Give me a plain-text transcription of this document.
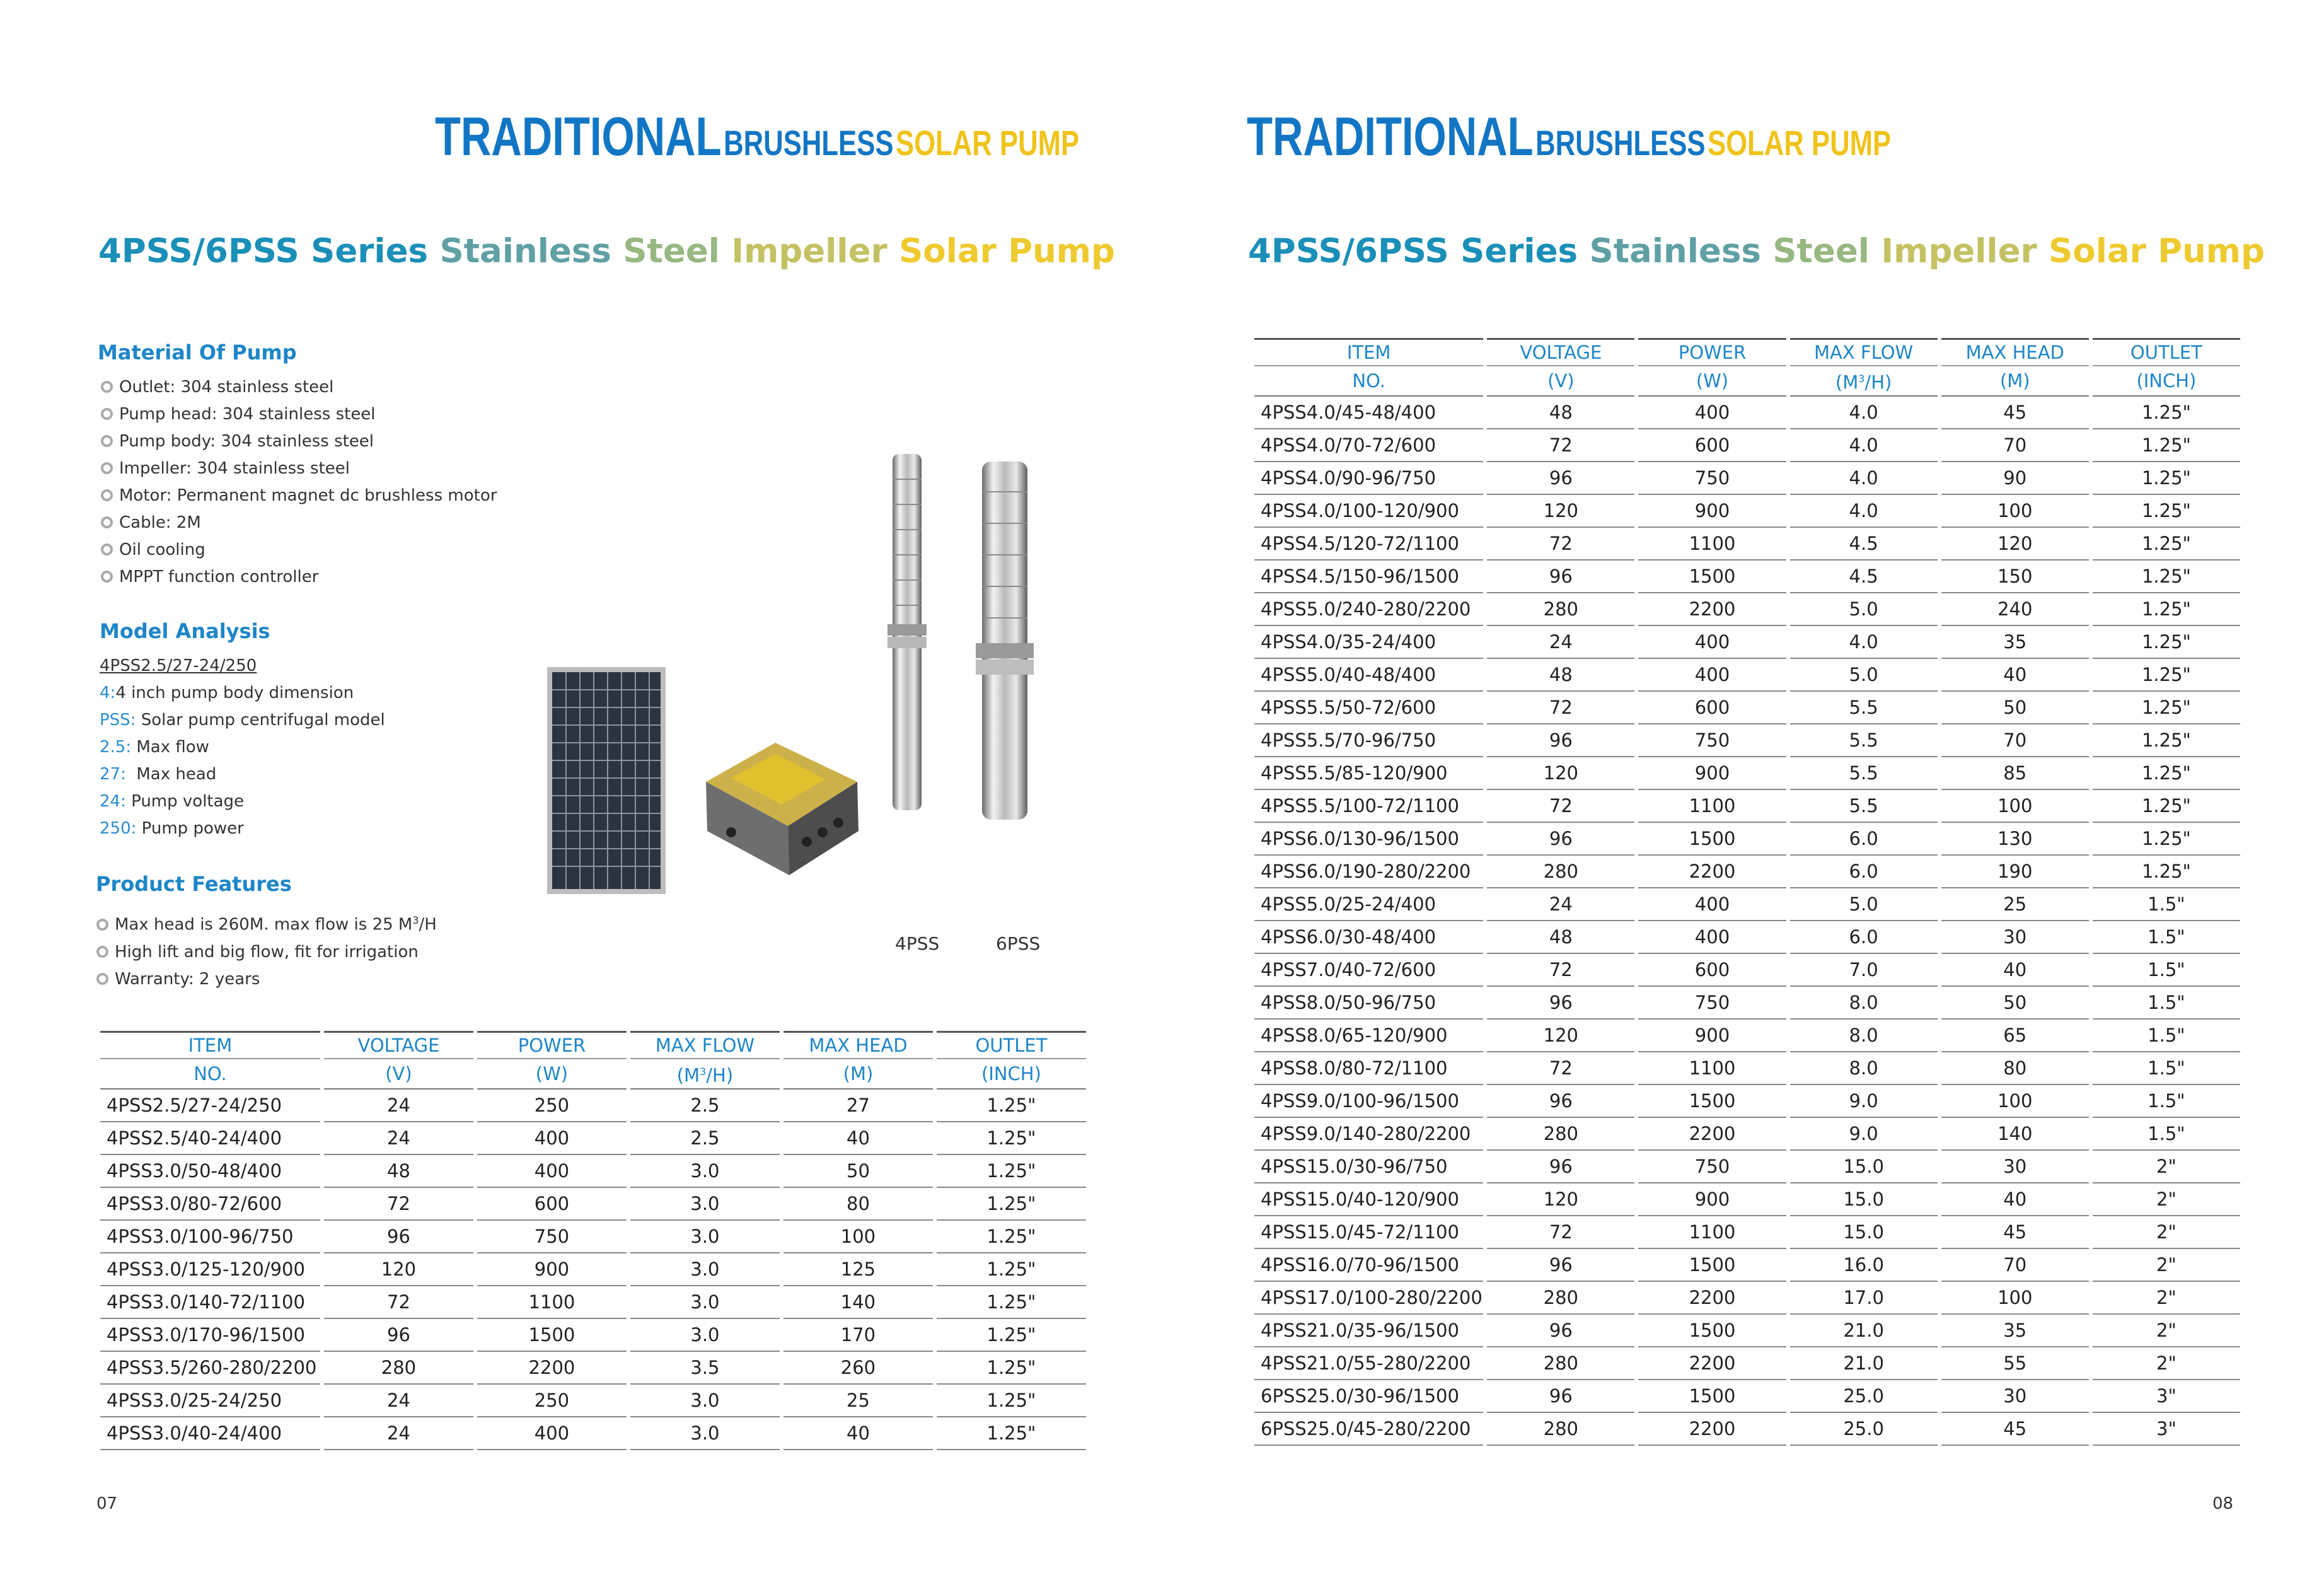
TRADITIONAL BRUSHLESS SOLAR PUMP
4PSS/6PSS Series Stainless Steel Impeller Solar Pump
Material Of Pump
Outlet: 304 stainless steel
Pump head: 304 stainless steel
Pump body: 304 stainless steel
Impeller: 304 stainless steel
Motor: Permanent magnet dc brushless motor
Cable: 2M
Oil cooling
MPPT function controller
Model Analysis
4PSS2.5/27-24/250
4:4 inch pump body dimension
PSS: Solar pump centrifugal model
2.5: Max flow
27:  Max head
24: Pump voltage
250: Pump power
Product Features
Max head is 260M. max flow is 25 $M^3/H$
High lift and big flow, fit for irrigation
Warranty: 2 years
4PSS	6PSS
ITEM	VOLTAGE	POWER	MAX FLOW	MAX HEAD	OUTLET
NO.	(V)	(W)	$(M^3/H)$	(M)	(INCH)
4PSS2.5/27-24/250	24	250	2.5	27	1.25"
4PSS2.5/40-24/400	24	400	2.5	40	1.25"
4PSS3.0/50-48/400	48	400	3.0	50	1.25"
4PSS3.0/80-72/600	72	600	3.0	80	1.25"
4PSS3.0/100-96/750	96	750	3.0	100	1.25"
4PSS3.0/125-120/900	120	900	3.0	125	1.25"
4PSS3.0/140-72/1100	72	1100	3.0	140	1.25"
4PSS3.0/170-96/1500	96	1500	3.0	170	1.25"
4PSS3.5/260-280/2200	280	2200	3.5	260	1.25"
4PSS3.0/25-24/250	24	250	3.0	25	1.25"
4PSS3.0/40-24/400	24	400	3.0	40	1.25"
07
TRADITIONAL BRUSHLESS SOLAR PUMP
4PSS/6PSS Series Stainless Steel Impeller Solar Pump
ITEM	VOLTAGE	POWER	MAX FLOW	MAX HEAD	OUTLET
NO.	(V)	(W)	$(M^3/H)$	(M)	(INCH)
4PSS4.0/45-48/400	48	400	4.0	45	1.25"
4PSS4.0/70-72/600	72	600	4.0	70	1.25"
4PSS4.0/90-96/750	96	750	4.0	90	1.25"
4PSS4.0/100-120/900	120	900	4.0	100	1.25"
4PSS4.5/120-72/1100	72	1100	4.5	120	1.25"
4PSS4.5/150-96/1500	96	1500	4.5	150	1.25"
4PSS5.0/240-280/2200	280	2200	5.0	240	1.25"
4PSS4.0/35-24/400	24	400	4.0	35	1.25"
4PSS5.0/40-48/400	48	400	5.0	40	1.25"
4PSS5.5/50-72/600	72	600	5.5	50	1.25"
4PSS5.5/70-96/750	96	750	5.5	70	1.25"
4PSS5.5/85-120/900	120	900	5.5	85	1.25"
4PSS5.5/100-72/1100	72	1100	5.5	100	1.25"
4PSS6.0/130-96/1500	96	1500	6.0	130	1.25"
4PSS6.0/190-280/2200	280	2200	6.0	190	1.25"
4PSS5.0/25-24/400	24	400	5.0	25	1.5"
4PSS6.0/30-48/400	48	400	6.0	30	1.5"
4PSS7.0/40-72/600	72	600	7.0	40	1.5"
4PSS8.0/50-96/750	96	750	8.0	50	1.5"
4PSS8.0/65-120/900	120	900	8.0	65	1.5"
4PSS8.0/80-72/1100	72	1100	8.0	80	1.5"
4PSS9.0/100-96/1500	96	1500	9.0	100	1.5"
4PSS9.0/140-280/2200	280	2200	9.0	140	1.5"
4PSS15.0/30-96/750	96	750	15.0	30	2"
4PSS15.0/40-120/900	120	900	15.0	40	2"
4PSS15.0/45-72/1100	72	1100	15.0	45	2"
4PSS16.0/70-96/1500	96	1500	16.0	70	2"
4PSS17.0/100-280/2200	280	2200	17.0	100	2"
4PSS21.0/35-96/1500	96	1500	21.0	35	2"
4PSS21.0/55-280/2200	280	2200	21.0	55	2"
6PSS25.0/30-96/1500	96	1500	25.0	30	3"
6PSS25.0/45-280/2200	280	2200	25.0	45	3"
08
